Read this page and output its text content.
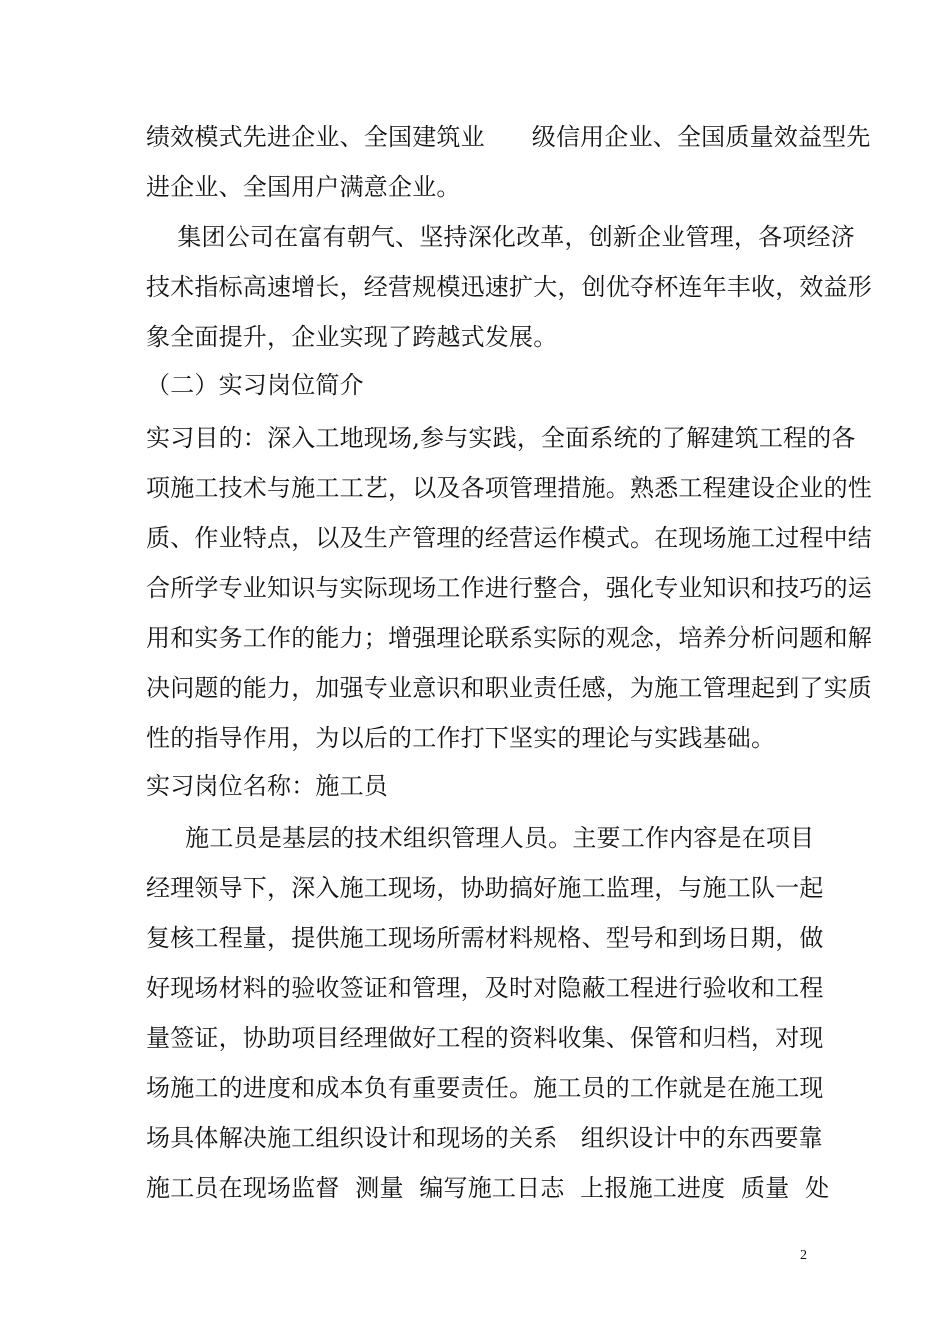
绩效模式先进企业、全国建筑业      级信用企业、全国质量效益型先
进企业、全国用户满意企业。
集团公司在富有朝气、坚持深化改革，创新企业管理，各项经济
技术指标高速增长，经营规模迅速扩大，创优夺杯连年丰收，效益形
象全面提升，企业实现了跨越式发展。
（二）实习岗位简介
实习目的：深入工地现场,参与实践，全面系统的了解建筑工程的各
项施工技术与施工工艺，以及各项管理措施。熟悉工程建设企业的性
质、作业特点，以及生产管理的经营运作模式。在现场施工过程中结
合所学专业知识与实际现场工作进行整合，强化专业知识和技巧的运
用和实务工作的能力；增强理论联系实际的观念，培养分析问题和解
决问题的能力，加强专业意识和职业责任感，为施工管理起到了实质
性的指导作用，为以后的工作打下坚实的理论与实践基础。
实习岗位名称：施工员
施工员是基层的技术组织管理人员。主要工作内容是在项目
经理领导下，深入施工现场，协助搞好施工监理，与施工队一起
复核工程量，提供施工现场所需材料规格、型号和到场日期，做
好现场材料的验收签证和管理，及时对隐蔽工程进行验收和工程
量签证，协助项目经理做好工程的资料收集、保管和归档，对现
场施工的进度和成本负有重要责任。施工员的工作就是在施工现
场具体解决施工组织设计和现场的关系   组织设计中的东西要靠
施工员在现场监督  测量  编写施工日志  上报施工进度  质量  处
2
